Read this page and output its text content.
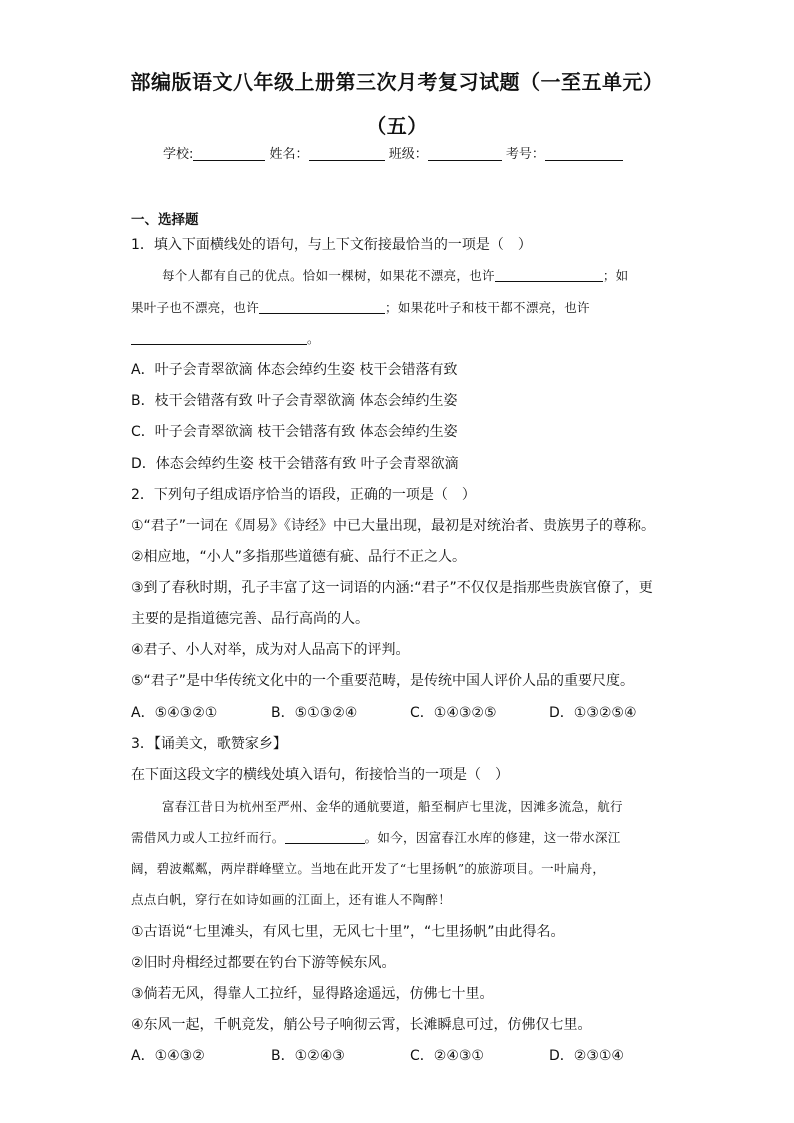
部编版语文八年级上册第三次月考复习试题（一至五单元）
（五）
学校:	姓名：	班级：	考号：
一、选择题
1．填入下面横线处的语句，与上下文衔接最恰当的一项是（　）
每个人都有自己的优点。恰如一棵树，如果花不漂亮，也许	；如
果叶子也不漂亮，也许	；如果花叶子和枝干都不漂亮，也许
。
A．叶子会青翠欲滴 体态会绰约生姿 枝干会错落有致
B．枝干会错落有致 叶子会青翠欲滴 体态会绰约生姿
C．叶子会青翠欲滴 枝干会错落有致 体态会绰约生姿
D．体态会绰约生姿 枝干会错落有致 叶子会青翠欲滴
2．下列句子组成语序恰当的语段，正确的一项是（　）
①“君子”一词在《周易》《诗经》中已大量出现，最初是对统治者、贵族男子的尊称。
②相应地，“小人”多指那些道德有疵、品行不正之人。
③到了春秋时期，孔子丰富了这一词语的内涵:“君子”不仅仅是指那些贵族官僚了，更
主要的是指道德完善、品行高尚的人。
④君子、小人对举，成为对人品高下的评判。
⑤“君子”是中华传统文化中的一个重要范畴，是传统中国人评价人品的重要尺度。
A．⑤④③②①	B．⑤①③②④	C．①④③②⑤	D．①③②⑤④
3．【诵美文，歌赞家乡】
在下面这段文字的横线处填入语句，衔接恰当的一项是（　）
富春江昔日为杭州至严州、金华的通航要道，船至桐庐七里泷，因滩多流急，航行
需借风力或人工拉纤而行。	。如今，因富春江水库的修建，这一带水深江
阔，碧波粼粼，两岸群峰壁立。当地在此开发了“七里扬帆”的旅游项目。一叶扁舟，
点点白帆，穿行在如诗如画的江面上，还有谁人不陶醉！
①古语说“七里滩头，有风七里，无风七十里”，“七里扬帆”由此得名。
②旧时舟楫经过都要在钓台下游等候东风。
③倘若无风，得靠人工拉纤，显得路途遥远，仿佛七十里。
④东风一起，千帆竞发，艄公号子响彻云霄，长滩瞬息可过，仿佛仅七里。
A．①④③②	B．①②④③	C．②④③①	D．②③①④
